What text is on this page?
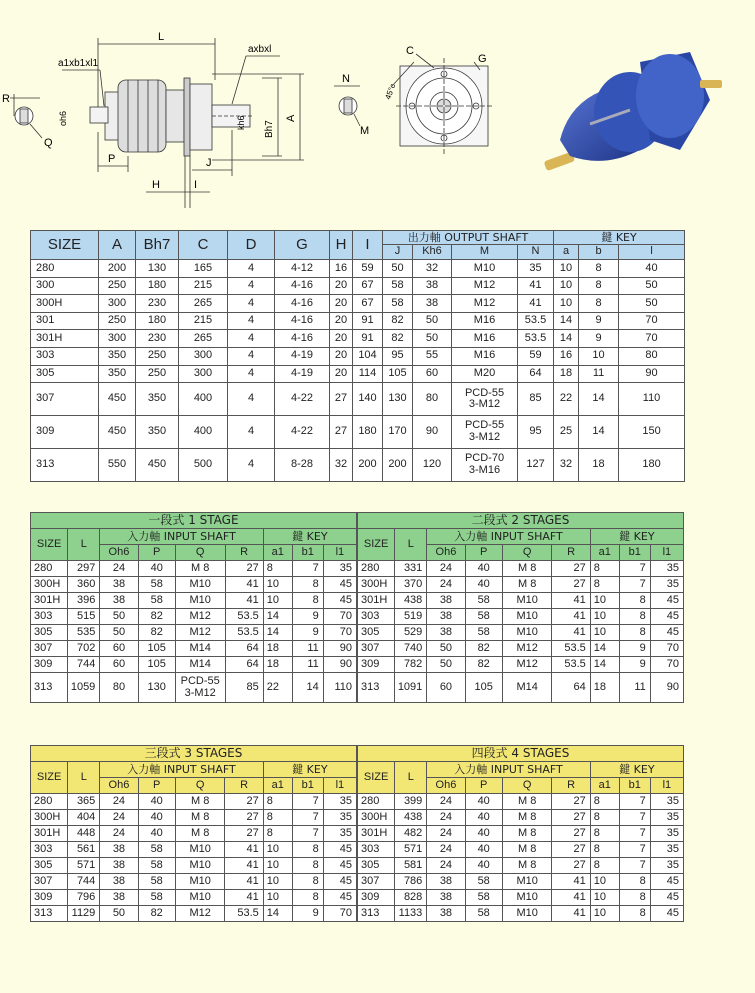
L
axbxl
a1xb1xl1
R
Q
oh6
P
H	I
J
Bh7
A
kh6
C
G
N
M
45°c
SIZE	A	Bh7	C	D	G	H	I	出力軸 OUTPUT SHAFT				鍵 KEY		
								J	Kh6	M	N	a	b	l
280	200	130	165	4	4-12	16	59	50	32	M10	35	10	8	40
300	250	180	215	4	4-16	20	67	58	38	M12	41	10	8	50
300H	300	230	265	4	4-16	20	67	58	38	M12	41	10	8	50
301	250	180	215	4	4-16	20	91	82	50	M16	53.5	14	9	70
301H	300	230	265	4	4-16	20	91	82	50	M16	53.5	14	9	70
303	350	250	300	4	4-19	20	104	95	55	M16	59	16	10	80
305	350	250	300	4	4-19	20	114	105	60	M20	64	18	11	90
307	450	350	400	4	4-22	27	140	130	80	PCD-55
3-M12	85	22	14	110
309	450	350	400	4	4-22	27	180	170	90	PCD-55
3-M12	95	25	14	150
313	550	450	500	4	8-28	32	200	200	120	PCD-70
3-M16	127	32	18	180
一段式 1 STAGE								
SIZE	L	入力軸 INPUT SHAFT				鍵 KEY		
		Oh6	P	Q	R	a1	b1	l1
280	297	24	40	M 8	27	8	7	35
300H	360	38	58	M10	41	10	8	45
301H	396	38	58	M10	41	10	8	45
303	515	50	82	M12	53.5	14	9	70
305	535	50	82	M12	53.5	14	9	70
307	702	60	105	M14	64	18	11	90
309	744	60	105	M14	64	18	11	90
313	1059	80	130	PCD-55
3-M12	85	22	14	110
二段式 2 STAGES								
SIZE	L	入力軸 INPUT SHAFT				鍵 KEY		
		Oh6	P	Q	R	a1	b1	l1
280	331	24	40	M 8	27	8	7	35
300H	370	24	40	M 8	27	8	7	35
301H	438	38	58	M10	41	10	8	45
303	519	38	58	M10	41	10	8	45
305	529	38	58	M10	41	10	8	45
307	740	50	82	M12	53.5	14	9	70
309	782	50	82	M12	53.5	14	9	70
313	1091	60	105	M14	64	18	11	90
三段式 3 STAGES								
SIZE	L	入力軸 INPUT SHAFT				鍵 KEY		
		Oh6	P	Q	R	a1	b1	l1
280	365	24	40	M 8	27	8	7	35
300H	404	24	40	M 8	27	8	7	35
301H	448	24	40	M 8	27	8	7	35
303	561	38	58	M10	41	10	8	45
305	571	38	58	M10	41	10	8	45
307	744	38	58	M10	41	10	8	45
309	796	38	58	M10	41	10	8	45
313	1129	50	82	M12	53.5	14	9	70
四段式 4 STAGES								
SIZE	L	入力軸 INPUT SHAFT				鍵 KEY		
		Oh6	P	Q	R	a1	b1	l1
280	399	24	40	M 8	27	8	7	35
300H	438	24	40	M 8	27	8	7	35
301H	482	24	40	M 8	27	8	7	35
303	571	24	40	M 8	27	8	7	35
305	581	24	40	M 8	27	8	7	35
307	786	38	58	M10	41	10	8	45
309	828	38	58	M10	41	10	8	45
313	1133	38	58	M10	41	10	8	45
